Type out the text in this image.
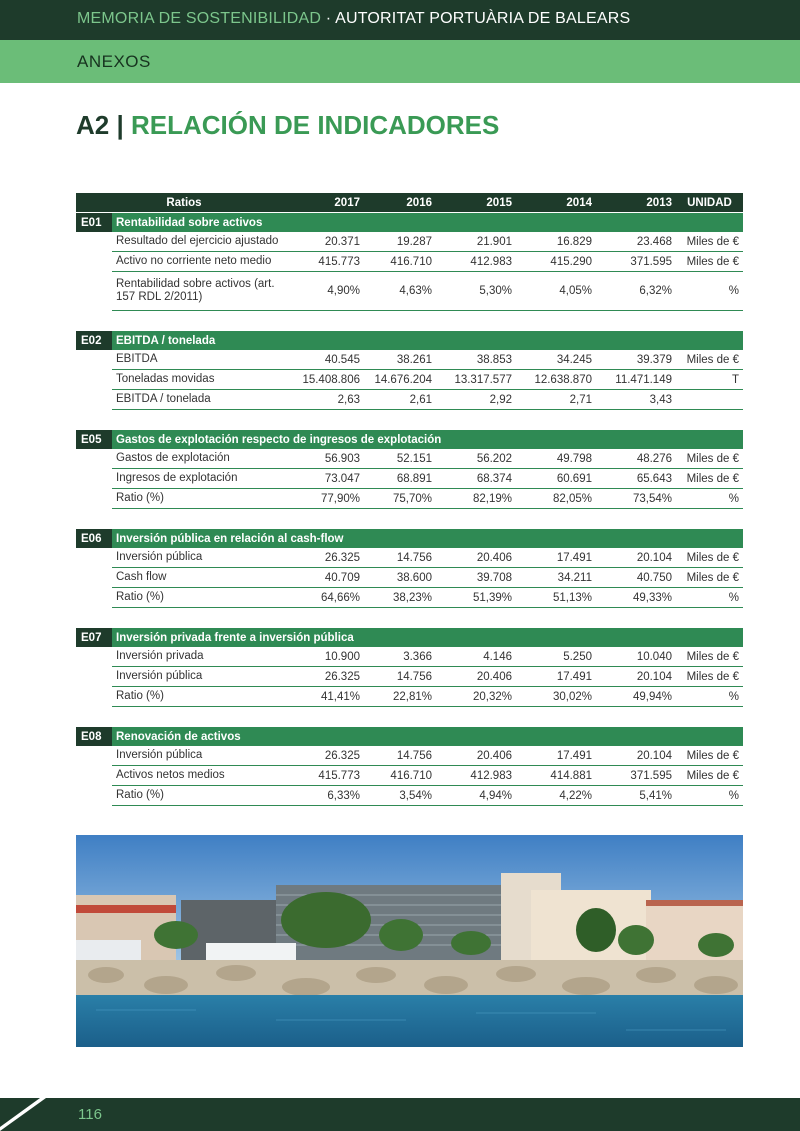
MEMORIA DE SOSTENIBILIDAD · AUTORITAT PORTUÀRIA DE BALEARS
ANEXOS
A2 | RELACIÓN DE INDICADORES
Ratios		2017	2016	2015	2014	2013	UNIDAD
E01	Rentabilidad sobre activos						
	Resultado del ejercicio ajustado	20.371	19.287	21.901	16.829	23.468	Miles de €
	Activo no corriente neto medio	415.773	416.710	412.983	415.290	371.595	Miles de €
	Rentabilidad sobre activos (art. 157 RDL 2/2011)	4,90%	4,63%	5,30%	4,05%	6,32%	%

E02	EBITDA / tonelada						
	EBITDA	40.545	38.261	38.853	34.245	39.379	Miles de €
	Toneladas movidas	15.408.806	14.676.204	13.317.577	12.638.870	11.471.149	T
	EBITDA / tonelada	2,63	2,61	2,92	2,71	3,43	

E05	Gastos de explotación respecto de ingresos de explotación						
	Gastos de explotación	56.903	52.151	56.202	49.798	48.276	Miles de €
	Ingresos de explotación	73.047	68.891	68.374	60.691	65.643	Miles de €
	Ratio (%)	77,90%	75,70%	82,19%	82,05%	73,54%	%

E06	Inversión pública en relación al cash-flow						
	Inversión pública	26.325	14.756	20.406	17.491	20.104	Miles de €
	Cash flow	40.709	38.600	39.708	34.211	40.750	Miles de €
	Ratio (%)	64,66%	38,23%	51,39%	51,13%	49,33%	%

E07	Inversión privada frente a inversión pública						
	Inversión privada	10.900	3.366	4.146	5.250	10.040	Miles de €
	Inversión pública	26.325	14.756	20.406	17.491	20.104	Miles de €
	Ratio (%)	41,41%	22,81%	20,32%	30,02%	49,94%	%

E08	Renovación de activos						
	Inversión pública	26.325	14.756	20.406	17.491	20.104	Miles de €
	Activos netos medios	415.773	416.710	412.983	414.881	371.595	Miles de €
	Ratio (%)	6,33%	3,54%	4,94%	4,22%	5,41%	%
116
